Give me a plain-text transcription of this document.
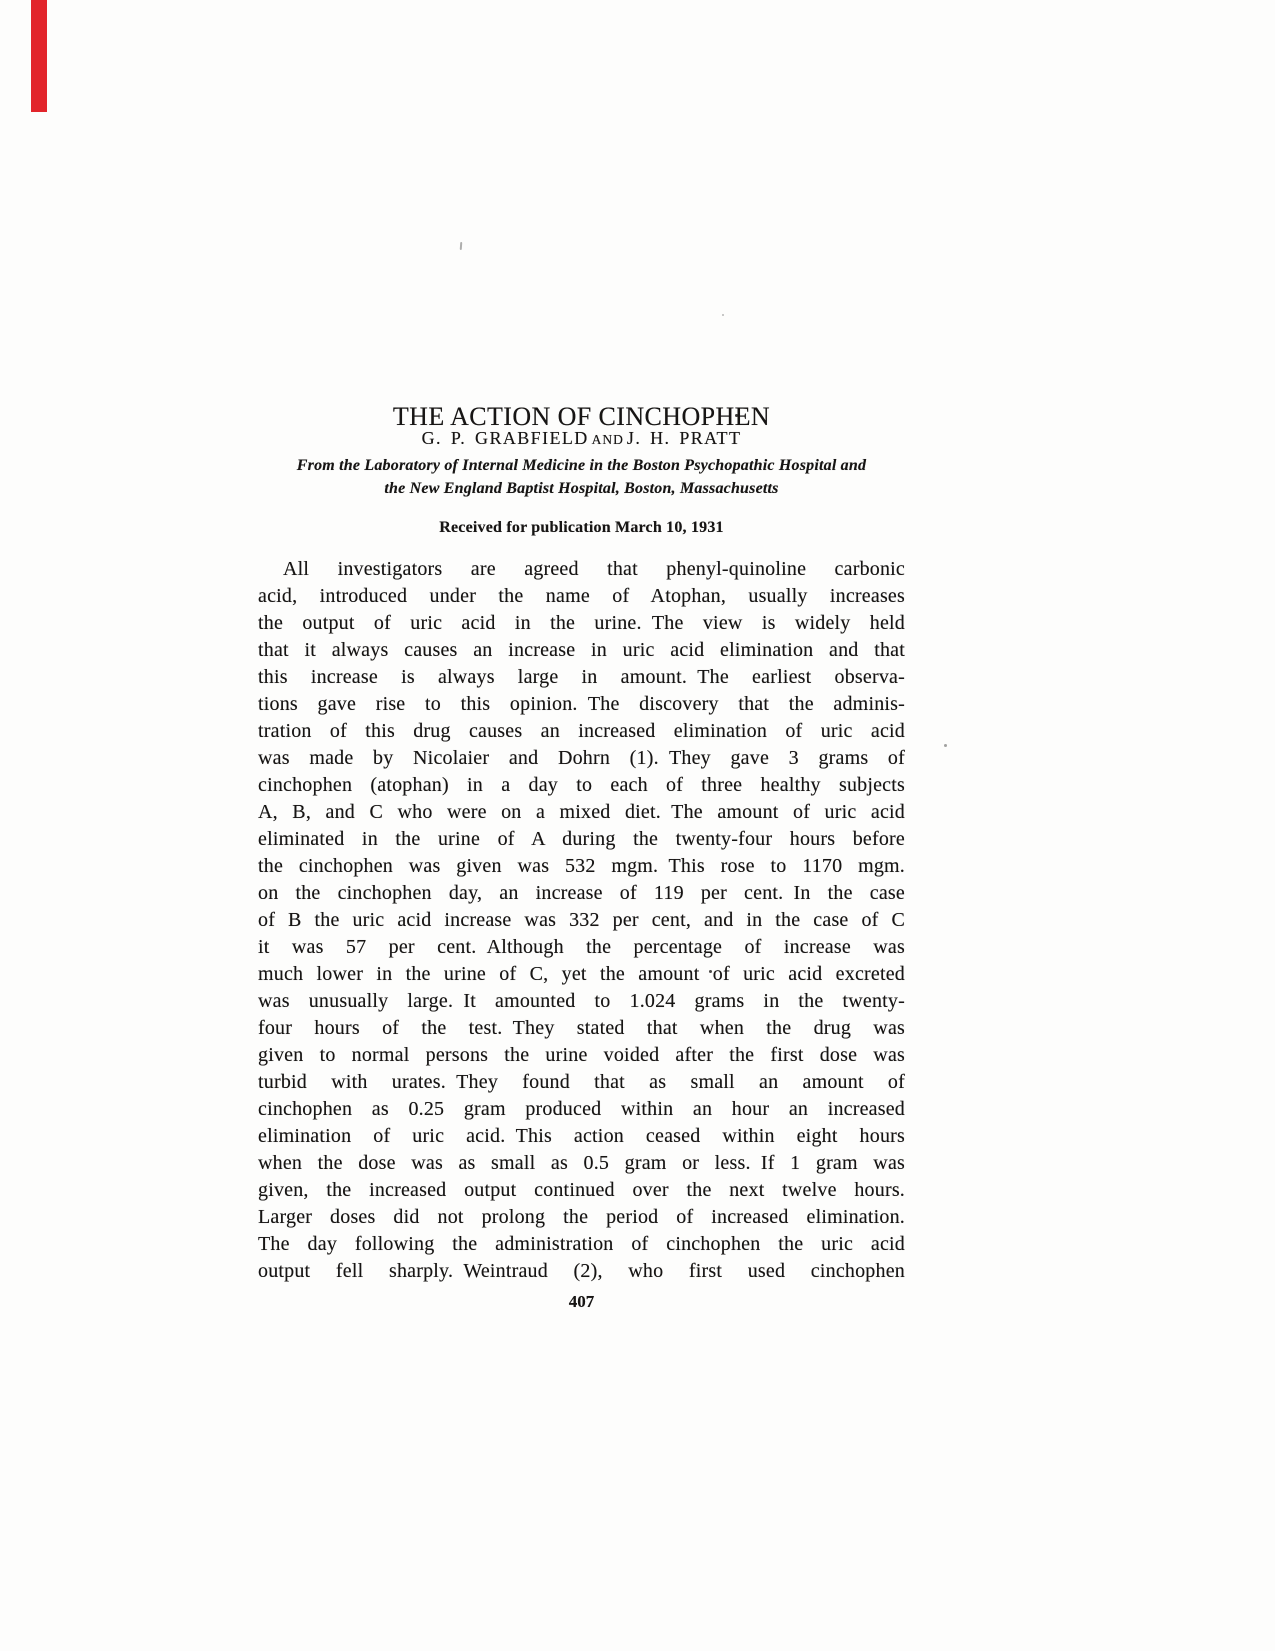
THE ACTION OF CINCHOPHEN
G. P. GRABFIELD AND J. H. PRATT
From the Laboratory of Internal Medicine in the Boston Psychopathic Hospital and
the New England Baptist Hospital, Boston, Massachusetts
Received for publication March 10, 1931
All investigators are agreed that phenyl-quinoline carbonic
acid, introduced under the name of Atophan, usually increases
the output of uric acid in the urine. The view is widely held
that it always causes an increase in uric acid elimination and that
this increase is always large in amount. The earliest observa-
tions gave rise to this opinion. The discovery that the adminis-
tration of this drug causes an increased elimination of uric acid
was made by Nicolaier and Dohrn (1). They gave 3 grams of
cinchophen (atophan) in a day to each of three healthy subjects
A, B, and C who were on a mixed diet. The amount of uric acid
eliminated in the urine of A during the twenty-four hours before
the cinchophen was given was 532 mgm. This rose to 1170 mgm.
on the cinchophen day, an increase of 119 per cent. In the case
of B the uric acid increase was 332 per cent, and in the case of C
it was 57 per cent. Although the percentage of increase was
much lower in the urine of C, yet the amount of uric acid excreted
was unusually large. It amounted to 1.024 grams in the twenty-
four hours of the test. They stated that when the drug was
given to normal persons the urine voided after the first dose was
turbid with urates. They found that as small an amount of
cinchophen as 0.25 gram produced within an hour an increased
elimination of uric acid. This action ceased within eight hours
when the dose was as small as 0.5 gram or less. If 1 gram was
given, the increased output continued over the next twelve hours.
Larger doses did not prolong the period of increased elimination.
The day following the administration of cinchophen the uric acid
output fell sharply. Weintraud (2), who first used cinchophen
407
